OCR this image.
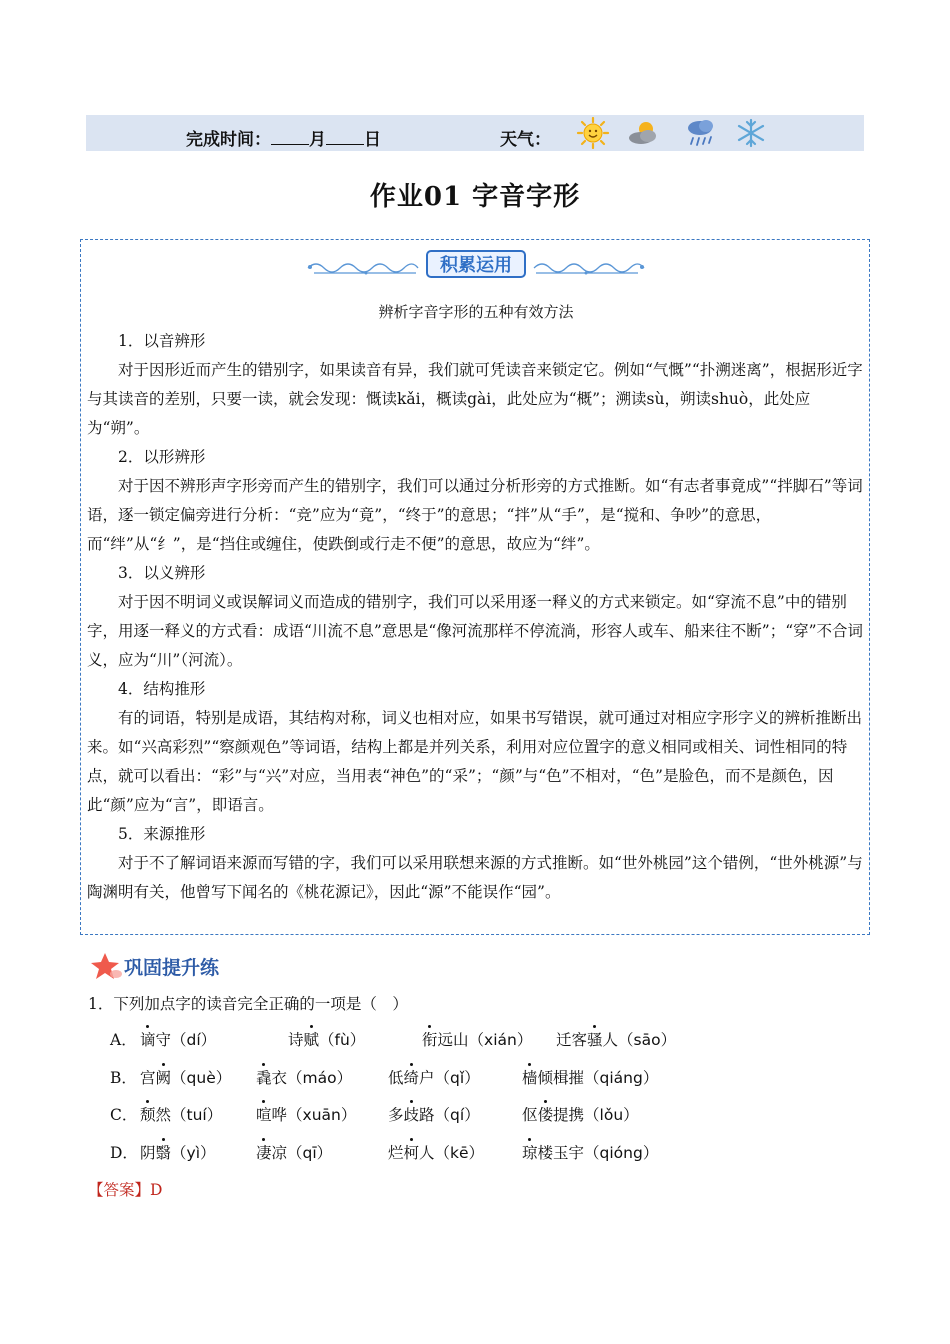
完成时间： 月 日	天气：
作业01 字音字形
积累运用

辨析字音字形的五种有效方法

1．以音辨形

对于因形近而产生的错别字，如果读音有异，我们就可凭读音来锁定它。例如“气慨”“扑溯迷离”，根据形近字与其读音的差别，只要一读，就会发现：慨读kǎi，概读gài，此处应为“概”；溯读sù，朔读shuò，此处应为“朔”。

2．以形辨形

对于因不辨形声字形旁而产生的错别字，我们可以通过分析形旁的方式推断。如“有志者事竟成”“拌脚石”等词语，逐一锁定偏旁进行分析：“竞”应为“竟”，“终于”的意思；“拌”从“手”，是“搅和、争吵”的意思，而“绊”从“纟”，是“挡住或缠住，使跌倒或行走不便”的意思，故应为“绊”。

3．以义辨形

对于因不明词义或误解词义而造成的错别字，我们可以采用逐一释义的方式来锁定。如“穿流不息”中的错别字，用逐一释义的方式看：成语“川流不息”意思是“像河流那样不停流淌，形容人或车、船来往不断”；“穿”不合词义，应为“川”（河流）。

4．结构推形

有的词语，特别是成语，其结构对称，词义也相对应，如果书写错误，就可通过对相应字形字义的辨析推断出来。如“兴高彩烈”“察颜观色”等词语，结构上都是并列关系，利用对应位置字的意义相同或相关、词性相同的特点，就可以看出：“彩”与“兴”对应，当用表“神色”的“采”；“颜”与“色”不相对，“色”是脸色，而不是颜色，因此“颜”应为“言”，即语言。

5．来源推形

对于不了解词语来源而写错的字，我们可以采用联想来源的方式推断。如“世外桃园”这个错例，“世外桃源”与陶渊明有关，他曾写下闻名的《桃花源记》，因此“源”不能误作“园”。

巩固提升练
1．下列加点字的读音完全正确的一项是（　）
A． 谪守（dí）	诗赋（fù）	衔远山（xián） 迁客骚人（sāo）
B． 宫阙（què） 毳衣（máo） 低绮户（qǐ）	樯倾楫摧（qiáng）
C． 颓然（tuí） 喧哗（xuān） 多歧路（qí）	伛偻提携（lǒu）
D． 阴翳（yì）	凄凉（qī）	烂柯人（kē） 琼楼玉宇（qióng）
【答案】D
